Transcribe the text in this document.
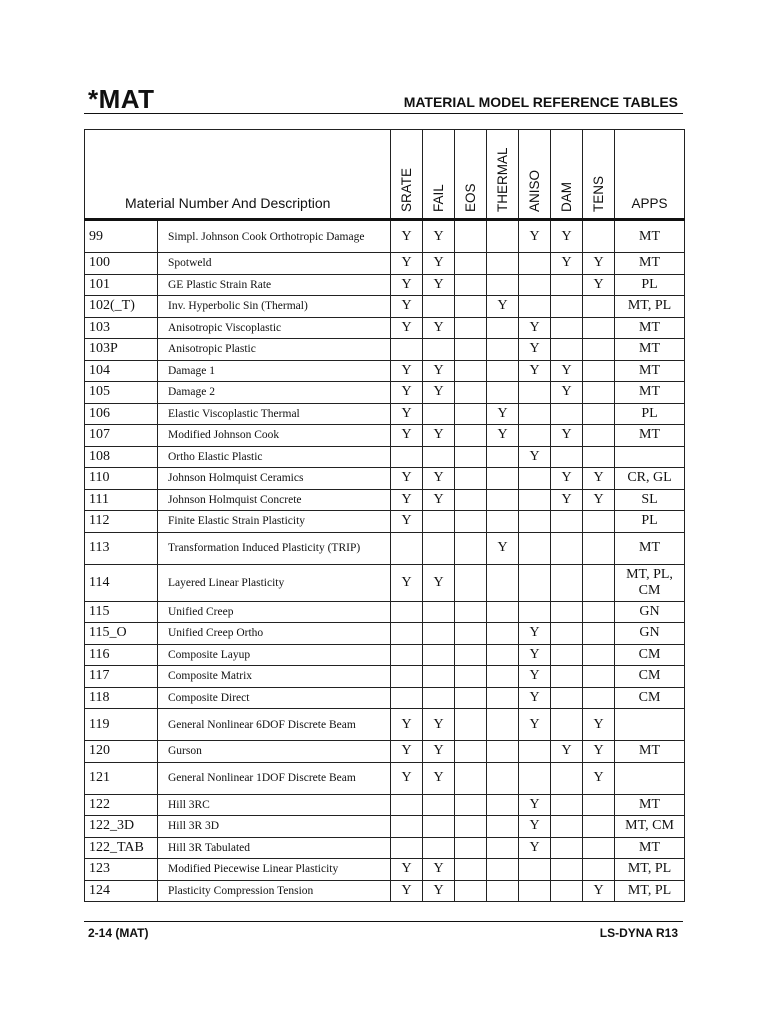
*MAT	MATERIAL MODEL REFERENCE TABLES
Material Number And Description		SRATE	FAIL	EOS	THERMAL	ANISO	DAM	TENS	APPS
99	Simpl. Johnson Cook Orthotropic Damage	Y	Y			Y	Y		MT
100	Spotweld	Y	Y				Y	Y	MT
101	GE Plastic Strain Rate	Y	Y					Y	PL
102(_T)	Inv. Hyperbolic Sin (Thermal)	Y			Y				MT, PL
103	Anisotropic Viscoplastic	Y	Y			Y			MT
103P	Anisotropic Plastic					Y			MT
104	Damage 1	Y	Y			Y	Y		MT
105	Damage 2	Y	Y				Y		MT
106	Elastic Viscoplastic Thermal	Y			Y				PL
107	Modified Johnson Cook	Y	Y		Y		Y		MT
108	Ortho Elastic Plastic					Y			
110	Johnson Holmquist Ceramics	Y	Y				Y	Y	CR, GL
111	Johnson Holmquist Concrete	Y	Y				Y	Y	SL
112	Finite Elastic Strain Plasticity	Y							PL
113	Transformation Induced Plasticity (TRIP)				Y				MT
114	Layered Linear Plasticity	Y	Y						MT, PL, CM
115	Unified Creep								GN
115_O	Unified Creep Ortho					Y			GN
116	Composite Layup					Y			CM
117	Composite Matrix					Y			CM
118	Composite Direct					Y			CM
119	General Nonlinear 6DOF Discrete Beam	Y	Y			Y		Y	
120	Gurson	Y	Y				Y	Y	MT
121	General Nonlinear 1DOF Discrete Beam	Y	Y					Y	
122	Hill 3RC					Y			MT
122_3D	Hill 3R 3D					Y			MT, CM
122_TAB	Hill 3R Tabulated					Y			MT
123	Modified Piecewise Linear Plasticity	Y	Y						MT, PL
124	Plasticity Compression Tension	Y	Y					Y	MT, PL
2-14 (MAT)	LS-DYNA R13
